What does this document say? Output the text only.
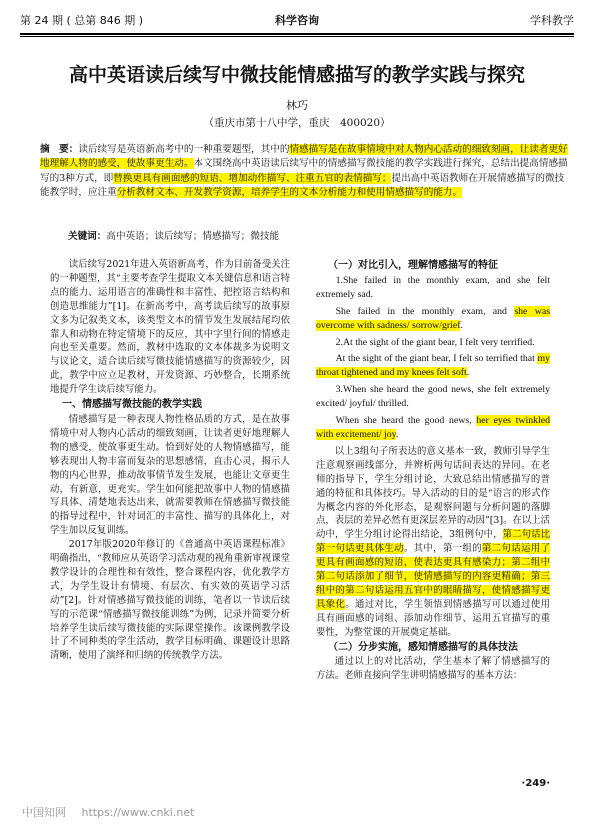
第 24 期 ( 总第 846 期 )	科学咨询	学科教学
高中英语读后续写中微技能情感描写的教学实践与探究
林巧
（重庆市第十八中学，重庆　400020）
摘　要：读后续写是英语新高考中的一种重要题型，其中的情感描写是在故事情境中对人物内心活动的细致刻画，让读者更好地理解人物的感受，使故事更生动。本文围绕高中英语读后续写中的情感描写微技能的教学实践进行探究，总结出提高情感描写的3种方式，即替换更具有画面感的短语、增加动作描写、注重五官的表情描写；提出高中英语教师在开展情感描写的微技能教学时，应注重分析教材文本、开发教学资源，培养学生的文本分析能力和使用情感描写的能力。
关键词：高中英语；读后续写；情感描写；微技能

读后续写2021年进入英语新高考，作为目前备受关注的一种题型，其“主要考查学生提取文本关键信息和语言特点的能力、运用语言的准确性和丰富性、把控语言结构和创造思维能力”[1]。在新高考中，高考读后续写的故事原文多为记叙类文本，该类型文本的情节发生发展结尾均依靠人和动物在特定情境下的反应，其中字里行间的情感走向也至关重要。然而，教材中选取的文本体裁多为说明文与议论文，适合读后续写微技能情感描写的资源较少，因此，教学中应立足教材，开发资源、巧妙整合，长期系统地提升学生读后续写能力。

一、情感描写微技能的教学实践

情感描写是一种表现人物性格品质的方式，是在故事情境中对人物内心活动的细致刻画，让读者更好地理解人物的感受，使故事更生动。恰到好处的人物情感描写，能够表现出人物丰富而复杂的思想感情，直击心灵，揭示人物的内心世界，推动故事情节发生发展，也能让文章更生动，有新意，更充实。学生如何能把故事中人物的情感描写具体、清楚地表达出来，就需要教师在情感描写微技能的指导过程中，针对词汇的丰富性、描写的具体化上，对学生加以反复训练。

2017年版2020年修订的《普通高中英语课程标准》明确指出，“教师应从英语学习活动观的视角重新审视课堂教学设计的合理性和有效性，整合课程内容，优化教学方式，为学生设计有情境、有层次、有实效的英语学习活动”[2]。针对情感描写微技能的训练，笔者以一节读后续写的示范课“情感描写微技能训练”为例，记录并简要分析培养学生读后续写微技能的实际课堂操作。该课例教学设计了不同种类的学生活动，教学目标明确、课题设计思路清晰，使用了演绎和归纳的传统教学方法。

（一）对比引入，理解情感描写的特征

1.She failed in the monthly exam, and she felt extremely sad.

She failed in the monthly exam, and she was overcome with sadness/ sorrow/grief.

2.At the sight of the giant bear, I felt very terrified.

At the sight of the giant bear, I felt so terrified that my throat tightened and my knees felt soft.

3.When she heard the good news, she felt extremely excited/ joyful/ thrilled.

When she heard the good news, her eyes twinkled with excitement/ joy.

以上3组句子所表达的意义基本一致，教师引导学生注意观察画线部分，并辨析两句话间表达的异同。在老师的指导下，学生分组讨论，大致总结出情感描写的普通的特征和具体技巧。导入活动的目的是“语言的形式作为概念内容的外化形态，是观察问题与分析问题的落脚点，表层的差异必然有更深层差异的动因”[3]。在以上活动中，学生分组讨论得出结论，3组例句中，第二句话比第一句话更具体生动。其中，第一组的第二句话运用了更具有画面感的短语，使表达更具有感染力；第二组中第二句话添加了细节，使情感描写的内容更精确；第三组中的第二句话运用五官中的眼睛描写，使情感描写更具象化。通过对比，学生领悟到情感描写可以通过使用具有画面感的词组、添加动作细节、运用五官描写的重要性，为整堂课的开展奠定基础。

（二）分步实施，感知情感描写的具体技法

通过以上的对比活动，学生基本了解了情感描写的方法。老师直接向学生讲明情感描写的基本方法：

·249·
中国知网 https://www.cnki.net
